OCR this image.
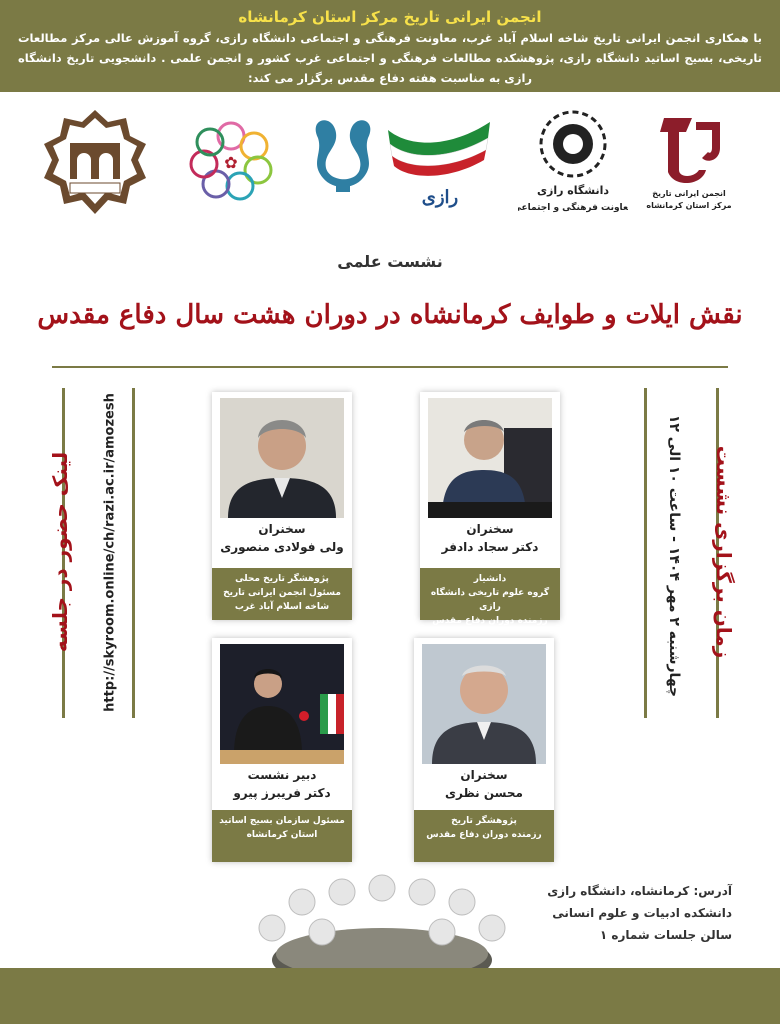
انجمن ایرانی تاریخ مرکز استان کرمانشاه
با همکاری انجمن ایرانی تاریخ شاخه اسلام آباد غرب، معاونت فرهنگی و اجتماعی دانشگاه رازی، گروه آموزش عالی مرکز مطالعات تاریخی، بسیج اساتید دانشگاه رازی، پژوهشکده مطالعات فرهنگی و اجتماعی غرب کشور و انجمن علمی . دانشجویی تاریخ دانشگاه رازی به مناسبت هفته دفاع مقدس برگزار می کند:
✿
رازی	دانشگاه رازی
معاونت فرهنگی و اجتماعی
انجمن ایرانی تاریخ
مرکز استان کرمانشاه
نشست علمی
نقش ایلات و طوایف کرمانشاه در دوران هشت سال دفاع مقدس
لینک حضور در جلسه http://skyroom.online/ch/razi.ac.ir/amozesh	زمان برگزاری نشست
چهارشنبه ۲ مهر ۱۴۰۴ - ساعت ۱۰ الی ۱۲
سخنران
دکتر سجاد دادفر
دانشیار
گروه علوم تاریخی دانشگاه رازی
رزمنده دوران دفاع مقدس
سخنران
ولی فولادی منصوری
پژوهشگر تاریخ محلی
مسئول انجمن ایرانی تاریخ
شاخه اسلام آباد غرب
سخنران
محسن نظری
پژوهشگر تاریخ
رزمنده دوران دفاع مقدس
دبیر نشست
دکتر فریبرز پیرو
مسئول سازمان بسیج اساتید
استان کرمانشاه
آدرس: کرمانشاه، دانشگاه رازی
دانشکده ادبیات و علوم انسانی
سالن جلسات شماره ۱
